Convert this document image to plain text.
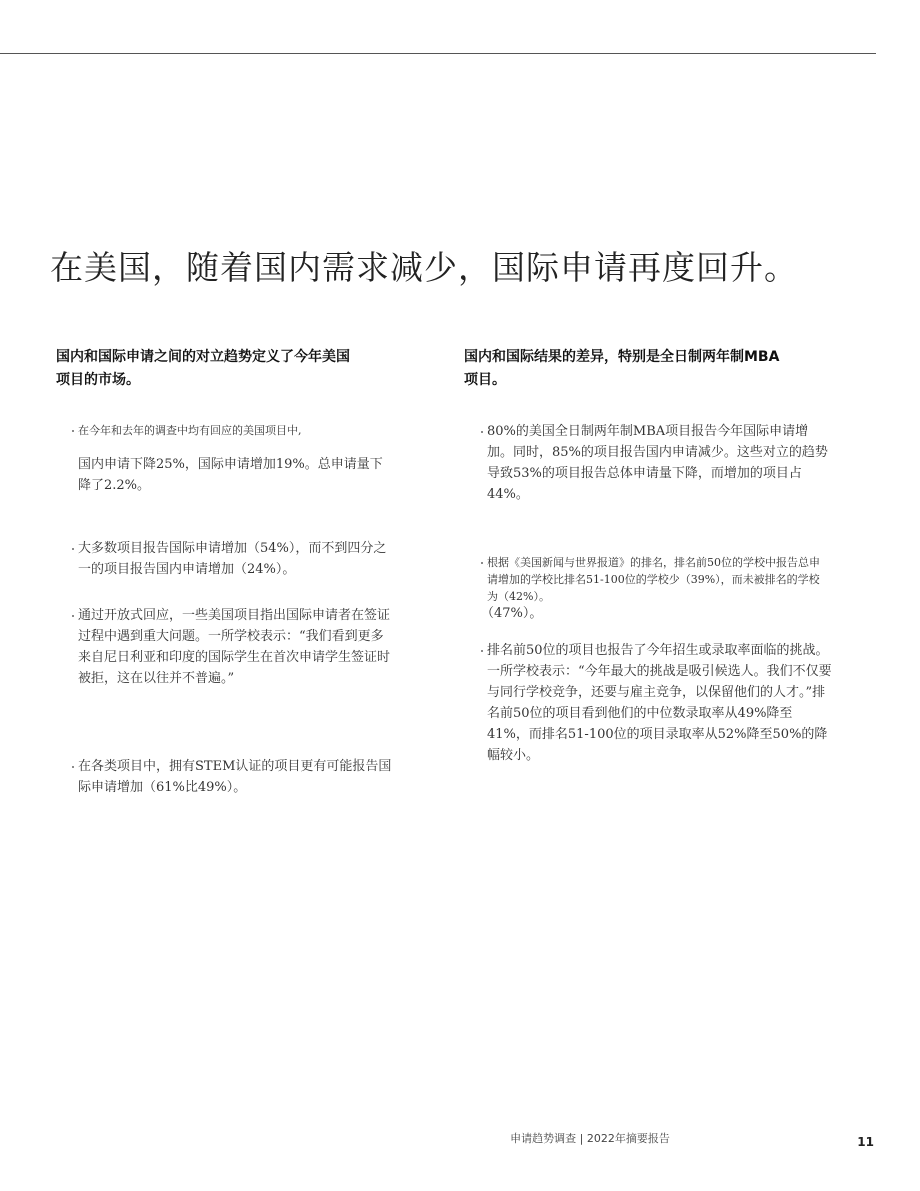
在美国，随着国内需求减少，国际申请再度回升。
国内和国际申请之间的对立趋势定义了今年美国项目的市场。

在今年和去年的调查中均有回应的美国项目中,

国内申请下降25%，国际申请增加19%。总申请量下降了2.2%。

大多数项目报告国际申请增加（54%），而不到四分之一的项目报告国内申请增加（24%）。

通过开放式回应，一些美国项目指出国际申请者在签证过程中遇到重大问题。一所学校表示：“我们看到更多来自尼日利亚和印度的国际学生在首次申请学生签证时被拒，这在以往并不普遍。”

在各类项目中，拥有STEM认证的项目更有可能报告国际申请增加（61%比49%）。

国内和国际结果的差异，特别是全日制两年制MBA项目。

80%的美国全日制两年制MBA项目报告今年国际申请增加。同时，85%的项目报告国内申请减少。这些对立的趋势导致53%的项目报告总体申请量下降，而增加的项目占44%。

根据《美国新闻与世界报道》的排名，排名前50位的学校中报告总申请增加的学校比排名51-100位的学校少（39%），而未被排名的学校为（42%）。

（47%）。

排名前50位的项目也报告了今年招生或录取率面临的挑战。一所学校表示：“今年最大的挑战是吸引候选人。我们不仅要与同行学校竞争，还要与雇主竞争，以保留他们的人才。”排名前50位的项目看到他们的中位数录取率从49%降至41%，而排名51-100位的项目录取率从52%降至50%的降幅较小。

申请趋势调查 | 2022年摘要报告	11
